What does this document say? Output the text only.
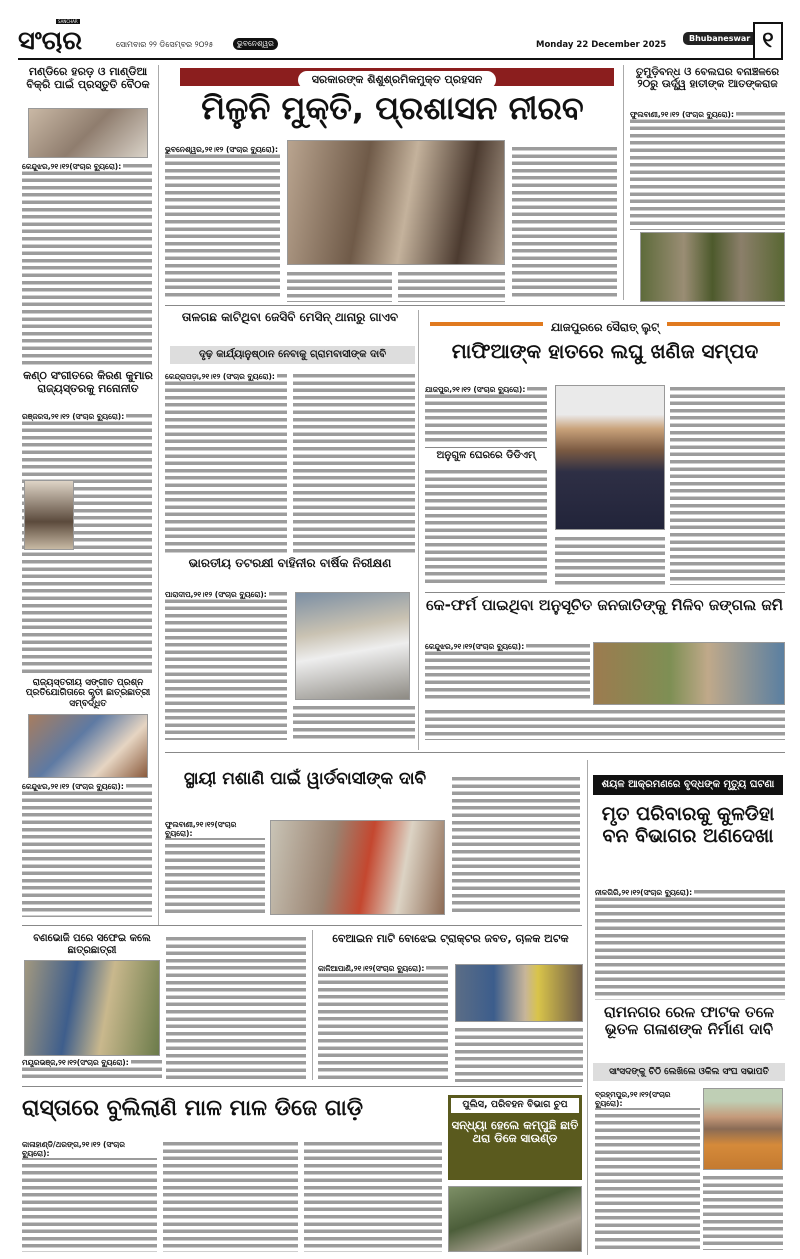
SANCHAR
ସଂଚାର	ସୋମବାର ୨୨ ଡିସେମ୍ବର ୨୦୨୫	ଭୁବନେଶ୍ୱର	Monday 22 December 2025
Bhubaneswar ୧
ମଣ୍ଡିରେ ହରଡ଼ ଓ ମାଣ୍ଡିଆ ବିକ୍ରି ପାଇଁ ପ୍ରସ୍ତୁତି ବୈଠକ
କେନ୍ଦୁଝର,୨୧।୧୨(ସଂଚାର ବ୍ୟୁରୋ):
କଣ୍ଠ ସଂଗୀତରେ କିରଣ କୁମାର ରାଜ୍ୟସ୍ତରକୁ ମନୋନୀତ
ରଞ୍ଜରସ,୨୧।୧୨ (ସଂଚାର ବ୍ୟୁରୋ):
ରାଜ୍ୟସ୍ତରୀୟ ସଙ୍ଗୀତ ପ୍ରଶ୍ନ ପ୍ରତିଯୋଗିତାରେ କୃତୀ ଛାତ୍ରଛାତ୍ରୀ ସମ୍ବର୍ଦ୍ଧିତ
କେନ୍ଦୁଝର,୨୧।୧୨ (ସଂଚାର ବ୍ୟୁରୋ):
ସରକାରଙ୍କ ଶିଶୁଶ୍ରମିକମୁକ୍ତ ପ୍ରହସନ
ମିଳୁନି ମୁକ୍ତି, ପ୍ରଶାସନ ନୀରବ
ଭୁବନେଶ୍ୱର,୨୧।୧୨ (ସଂଚାର ବ୍ୟୁରୋ):
ତୁମୁଡ଼ିବନ୍ଧ ଓ ବେଲଘର ବନାଞ୍ଚଳରେ ୨୦ରୁ ଊର୍ଦ୍ଧ୍ୱ ହାତୀଙ୍କ ଆତଙ୍କରାଜ
ଫୁଲବାଣୀ,୨୧।୧୨ (ସଂଚାର ବ୍ୟୁରୋ):
ତାଳଗଛ କାଟିଥିବା ଜେସିବି ମେସିନ୍ ଥାନାରୁ ଗାଏବ
ଦୃଢ଼ କାର୍ଯ୍ୟାନୁଷ୍ଠାନ ନେବାକୁ ଗ୍ରାମବାସୀଙ୍କ ଦାବି
କେନ୍ଦ୍ରାପଡ଼ା,୨୧।୧୨ (ସଂଚାର ବ୍ୟୁରୋ):
ଭାରତୀୟ ତଟରକ୍ଷୀ ବାହିନୀର ବାର୍ଷିକ ନିରୀକ୍ଷଣ
ପାରାଦୀପ,୨୧।୧୨ (ସଂଚାର ବ୍ୟୁରୋ):
ଯାଜପୁରରେ ସୈରାତ୍ ଲୁଟ୍
ମାଫିଆଙ୍କ ହାତରେ ଲଘୁ ଖଣିଜ ସମ୍ପଦ
ଯାଜପୁର,୨୧।୧୨ (ସଂଚାର ବ୍ୟୁରୋ):
ଅନୁଗୁଳ ଘେରରେ ଡିଡିଏମ୍
କେ-ଫର୍ମ ପାଇଥିବା ଅନୁସୂଚିତ ଜନଜାତିଙ୍କୁ ମିଳିବ ଜଙ୍ଗଲ ଜମି
କେନ୍ଦୁଝର,୨୧।୧୨(ସଂଚାର ବ୍ୟୁରୋ):
ସ୍ଥାୟୀ ମଶାଣି ପାଇଁ ୱାର୍ଡବାସୀଙ୍କ ଦାବି
ଫୁଲବାଣୀ,୨୧।୧୨(ସଂଚାର ବ୍ୟୁରୋ):
ଶୟଳ ଆକ୍ରମଣରେ ବୃଦ୍ଧଙ୍କ ମୃତ୍ୟୁ ଘଟଣା
ମୃତ ପରିବାରକୁ କୁଳଡିହା ବନ ବିଭାଗର ଅଣଦେଖା
ନୀଳଗିରି,୨୧।୧୨(ସଂଚାର ବ୍ୟୁରୋ):
ବଣଭୋଜି ପରେ ସଫେଇ କଲେ ଛାତ୍ରଛାତ୍ରୀ
ମୟୂରଭଞ୍ଜ,୨୧।୧୨(ସଂଚାର ବ୍ୟୁରୋ):
ବେଆଇନ ମାଟି ବୋଝେଇ ଟ୍ରାକ୍ଟର ଜବତ, ଚାଳକ ଅଟକ
କାଳିଆପାଣି,୨୧।୧୨(ସଂଚାର ବ୍ୟୁରୋ):
ରାମନଗର ରେଳ ଫାଟକ ତଳେ ଭୂତଳ ଗଳାଶଙ୍କ ନିର୍ମାଣ ଦାବି
ସାଂସଦଙ୍କୁ ଚିଠି ଲେଖିଲେ ଓକିଲ ସଂଘ ସଭାପତି
ବ୍ରହ୍ମପୁର,୨୧।୧୨(ସଂଚାର ବ୍ୟୁରୋ):
ରାସ୍ତାରେ ବୁଲିଲାଣି ମାଳ ମାଳ ଡିଜେ ଗାଡ଼ି
କାଳାହାଣ୍ଡି/ଥରଙ୍ଗ,୨୧।୧୨ (ସଂଚାର ବ୍ୟୁରୋ):
ପୁଲିସ, ପରିବହନ ବିଭାଗ ଚୁପ
ସନ୍ଧ୍ୟା ହେଲେ କମ୍ପୁଛି ଛାତି ଥରା ଡିଜେ ସାଉଣ୍ଡ
